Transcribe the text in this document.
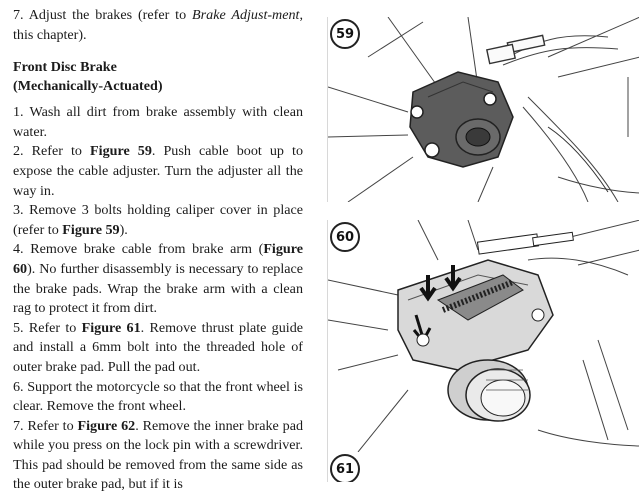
7. Adjust the brakes (refer to Brake Adjust-ment, this chapter).

Front Disc Brake

(Mechanically-Actuated)

1. Wash all dirt from brake assembly with clean water.

2. Refer to Figure 59. Push cable boot up to expose the cable adjuster. Turn the adjuster all the way in.

3. Remove 3 bolts holding caliper cover in place (refer to Figure 59).

4. Remove brake cable from brake arm (Figure 60). No further disassembly is necessary to replace the brake pads. Wrap the brake arm with a clean rag to protect it from dirt.

5. Refer to Figure 61. Remove thrust plate guide and install a 6mm bolt into the threaded hole of outer brake pad. Pull the pad out.

6. Support the motorcycle so that the front wheel is clear. Remove the front wheel.

7. Refer to Figure 62. Remove the inner brake pad while you press on the lock pin with a screwdriver. This pad should be removed from the same side as the outer brake pad, but if it is

59
60
61
